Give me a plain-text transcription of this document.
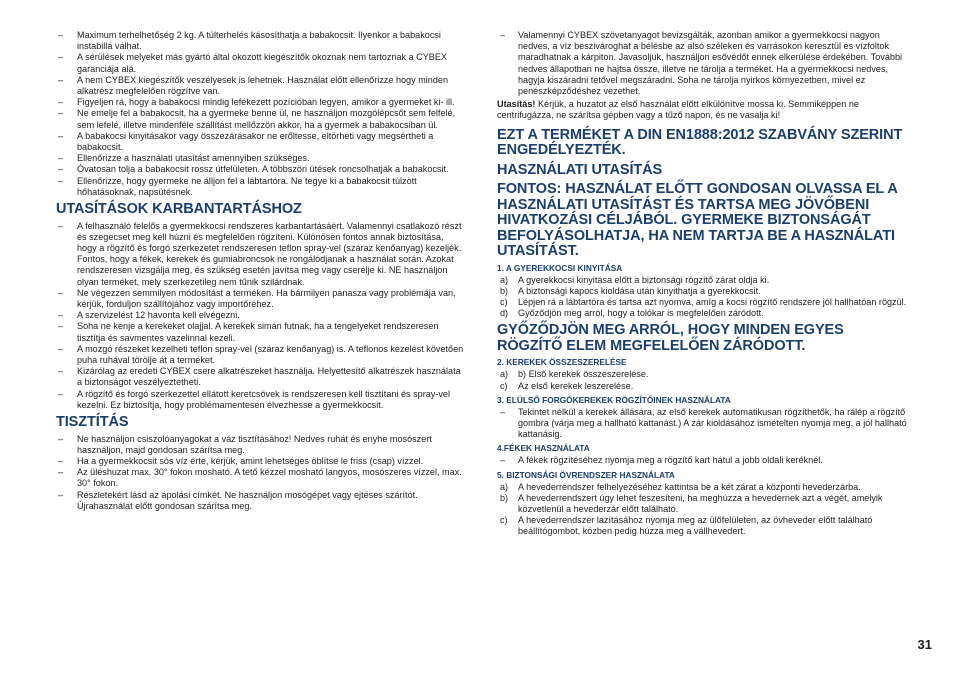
– Maximum terhelhetőség 2 kg. A túlterhelés kásosíthatja a babakocsit. Ilyenkor a babakocsi instabillá válhat.

– A sérülések melyeket más gyártó által okozott kiegészítők okoznak nem tartoznak a CYBEX garanciája alá.

– A nem CYBEX kiegészítők veszélyesek is lehetnek. Használat előtt ellenőrizze hogy minden alkatrész megfelelően rögzítve van.

– Figyeljen rá, hogy a babakocsi mindig lefékezett pozícióban legyen, amikor a gyermeket ki- ill.

– Ne emelje fel a babakocsit, ha a gyermeke benne ül, ne használjon mozgólépcsőt sem felfelé, sem lefelé, illetve mindenféle szállítást mellőzzön akkor, ha a gyermek a babakocsiban ül.

– A babakocsi kinyitásakor vagy összezárásakor ne erőltesse, eltörheti vagy megsértheti a babakocsit.

– Ellenőrizze a használati utasítást amennyiben szükséges.

– Óvatosan tolja a babakocsit rossz útfelületen. A többszöri ütések roncsolhatják a babakocsit.

– Ellenőrizze, hogy gyermeke ne álljon fel a lábtartóra. Ne tegye ki a babakocsit túlzott hőhatásoknak, napsütésnek.

UTASÍTÁSOK KARBANTARTÁSHOZ

– A felhasználó felelős a gyermekkocsi rendszeres karbantartásáért. Valamennyi csatlakozó részt és szegecset meg kell húzni és megfelelően rögzíteni. Különösen fontos annak biztosítása, hogy a rögzítő és forgó szerkezetet rendszeresen teflon spray-vel (száraz kenőanyag) kezeljék. Fontos, hogy a fékek, kerekek és gumiabroncsok ne rongálódjanak a használat során. Azokat rendszeresen vizsgálja meg, és szükség esetén javítsa meg vagy cserélje ki. NE használjon olyan terméket, mely szerkezetileg nem tűnik szilárdnak.

– Ne végezzen semmilyen módosítást a terméken. Ha bármilyen panasza vagy problémája van, kérjük, forduljon szállítójához vagy importőréhez.

– A szervizelést 12 havonta kell elvégezni.

– Soha ne kenje a kerekeket olajjal. A kerekek simán futnak, ha a tengelyeket rendszeresen tisztítja és savmentes vazelinnal kezeli.

– A mozgó részeket kezelheti teflon spray-vel (száraz kenőanyag) is. A teflonos kezelést követően puha ruhával törölje át a terméket.

– Kizárólag az eredeti CYBEX csere alkatrészeket használja. Helyettesítő alkatrészek használata a biztonságot veszélyeztetheti.

– A rögzítő és forgó szerkezettel ellátott keretcsövek is rendszeresen kell tisztítani és spray-vel kezelni. Ez biztosítja, hogy problémamentesen élvezhesse a gyermekkocsit.

TISZTÍTÁS

– Ne használjon csiszolóanyagokat a váz tisztításához! Nedves ruhát és enyhe mosószert használjon, majd gondosan szárítsa meg.

– Ha a gyermekkocsit sós víz érte, kérjük, amint lehetséges öblítse le friss (csap) vízzel.

– Az üléshuzat max. 30° fokon mosható. A tető kézzel mosható langyos, mosószeres vízzel, max. 30° fokon.

– Részletekért lásd az ápolási címkét. Ne használjon mosógépet vagy ejtéses szárítót. Újrahasználat előtt gondosan szárítsa meg.

– Valamennyi CYBEX szövetanyagot bevizsgálták, azonban amikor a gyermekkocsi nagyon nedves, a víz beszivároghat a bélésbe az alsó széleken és varrásokon keresztül és vízfoltok maradhatnak a kárpiton. Javasoljuk, használjon esővédőt ennek elkerülése érdekében. További nedves állapotban ne hajtsa össze, illetve ne tárolja a terméket. Ha a gyermekkocsi nedves, hagyja kiszáradni tetővel megszáradni. Soha ne tárolja nyirkos környezetben, mivel ez penészképződéshez vezethet.

Utasítás! Kérjük, a huzatot az első használat előtt elkülönítve mossa ki. Semmiképpen ne centrifugázza, ne szárítsa gépben vagy a tűző napon, és ne vasalja ki!

EZT A TERMÉKET A DIN EN1888:2012 SZABVÁNY SZERINT ENGEDÉLYEZTÉK.
HASZNÁLATI UTASÍTÁS
FONTOS: HASZNÁLAT ELŐTT GONDOSAN OLVASSA EL A HASZNÁLATI UTASÍTÁST ÉS TARTSA MEG JÖVŐBENI HIVATKOZÁSI CÉLJÁBÓL. GYERMEKE BIZTONSÁGÁT BEFOLYÁSOLHATJA, HA NEM TARTJA BE A HASZNÁLATI UTASÍTÁST.
1. A GYEREKKOCSI KINYITÁSA

a) A gyerekkocsi kinyitása előtt a biztonsági rögzítő zárat oldja ki.

b) A biztonsági kapocs kioldása után kinyithatja a gyerekkocsit.

c) Lépjen rá a lábtartóra és tartsa azt nyomva, amíg a kocsi rögzítő rendszere jól hallhatóan rögzül.

d) Győződjön meg arról, hogy a tolókar is megfelelően záródott.

GYŐZŐDJÖN MEG ARRÓL, HOGY MINDEN EGYES RÖGZÍTŐ ELEM MEGFELELŐEN ZÁRÓDOTT.
2. KEREKEK ÖSSZESZERELÉSE

a) b) Első kerekek összeszerelése.

c) Az első kerekek leszerelése.

3. ELÜLSŐ FORGÓKEREKEK RÖGZÍTŐINEK HASZNÁLATA

– Tekintet nélkül a kerekek állására, az első kerekek automatikusan rögzíthetők, ha rálép a rögzítő gombra (várja meg a hallható kattanást.) A zár kioldásához ismételten nyomja meg, a jól hallható kattanásig.

4.FÉKEK HASZNÁLATA

– A fékek rögzítéséhez nyomja meg a rögzítő kart hátul a jobb oldali keréknél.

5. BIZTONSÁGI ÖVRENDSZER HASZNÁLATA

a) A hevederrendszer felhelyezéséhez kattintsa be a két zárat a központi hevederzárba.

b) A hevederrendszert úgy lehet feszesíteni, ha meghúzza a hevedernek azt a végét, amelyik közvetlenül a hevederzár előtt található.

c) A hevederrendszer lazításához nyomja meg az ülőfelületen, az övheveder előtt található beállítógombot, közben pedig húzza meg a vállhevedert.

31
